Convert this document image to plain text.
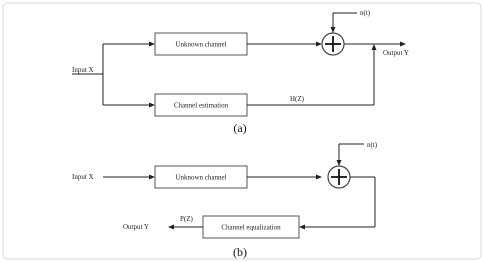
Input X
Unknown channel
n(t)
Output Y
Channel estimation
H(Z)
(a)
Input X	Unknown channel
n(t)
Channel equalization
P(Z)
Output Y
(b)
